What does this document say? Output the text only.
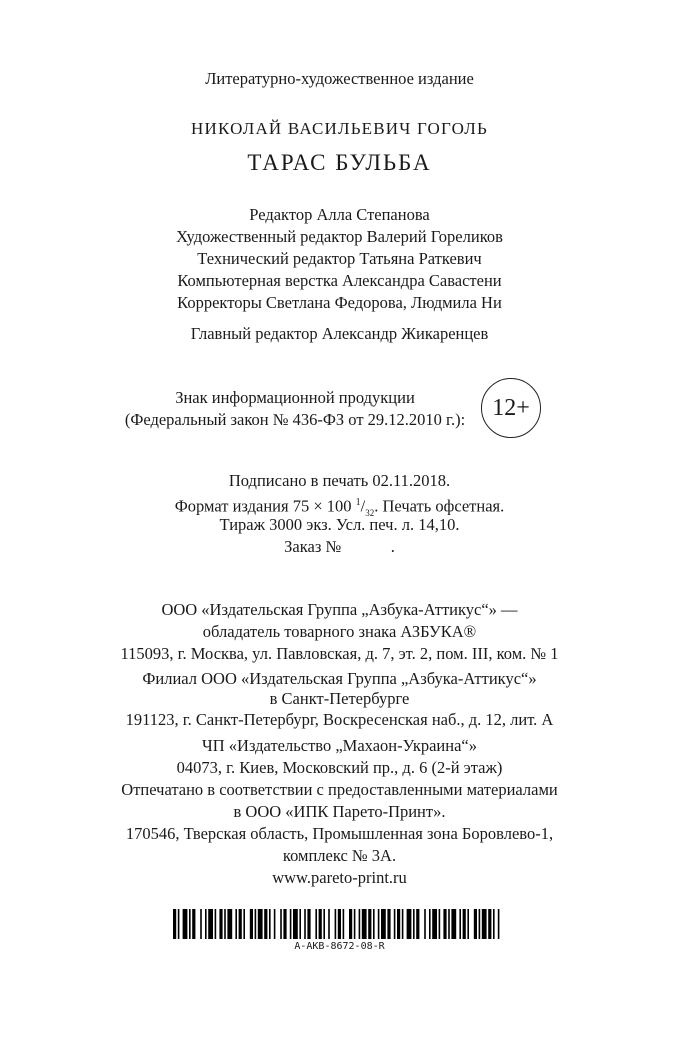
Литературно-художественное издание
НИКОЛАЙ ВАСИЛЬЕВИЧ ГОГОЛЬ
ТАРАС БУЛЬБА
Редактор Алла Степанова
Художественный редактор Валерий Гореликов
Технический редактор Татьяна Раткевич
Компьютерная верстка Александра Савастени
Корректоры Светлана Федорова, Людмила Ни
Главный редактор Александр Жикаренцев
Знак информационной продукции
(Федеральный закон № 436-ФЗ от 29.12.2010 г.):	12+
Подписано в печать 02.11.2018.
Формат издания 75 × 100 $^1/_{32}$. Печать офсетная.
Тираж 3000 экз. Усл. печ. л. 14,10.
Заказ №            .
ООО «Издательская Группа „Азбука-Аттикус“» —
обладатель товарного знака АЗБУКА®
115093, г. Москва, ул. Павловская, д. 7, эт. 2, пом. III, ком. № 1
Филиал ООО «Издательская Группа „Азбука-Аттикус“»
в Санкт-Петербурге
191123, г. Санкт-Петербург, Воскресенская наб., д. 12, лит. А
ЧП «Издательство „Махаон-Украина“»
04073, г. Киев, Московский пр., д. 6 (2-й этаж)
Отпечатано в соответствии с предоставленными материалами
в ООО «ИПК Парето-Принт».
170546, Тверская область, Промышленная зона Боровлево-1,
комплекс № 3А.
www.pareto-print.ru
A-AKB-8672-08-R
